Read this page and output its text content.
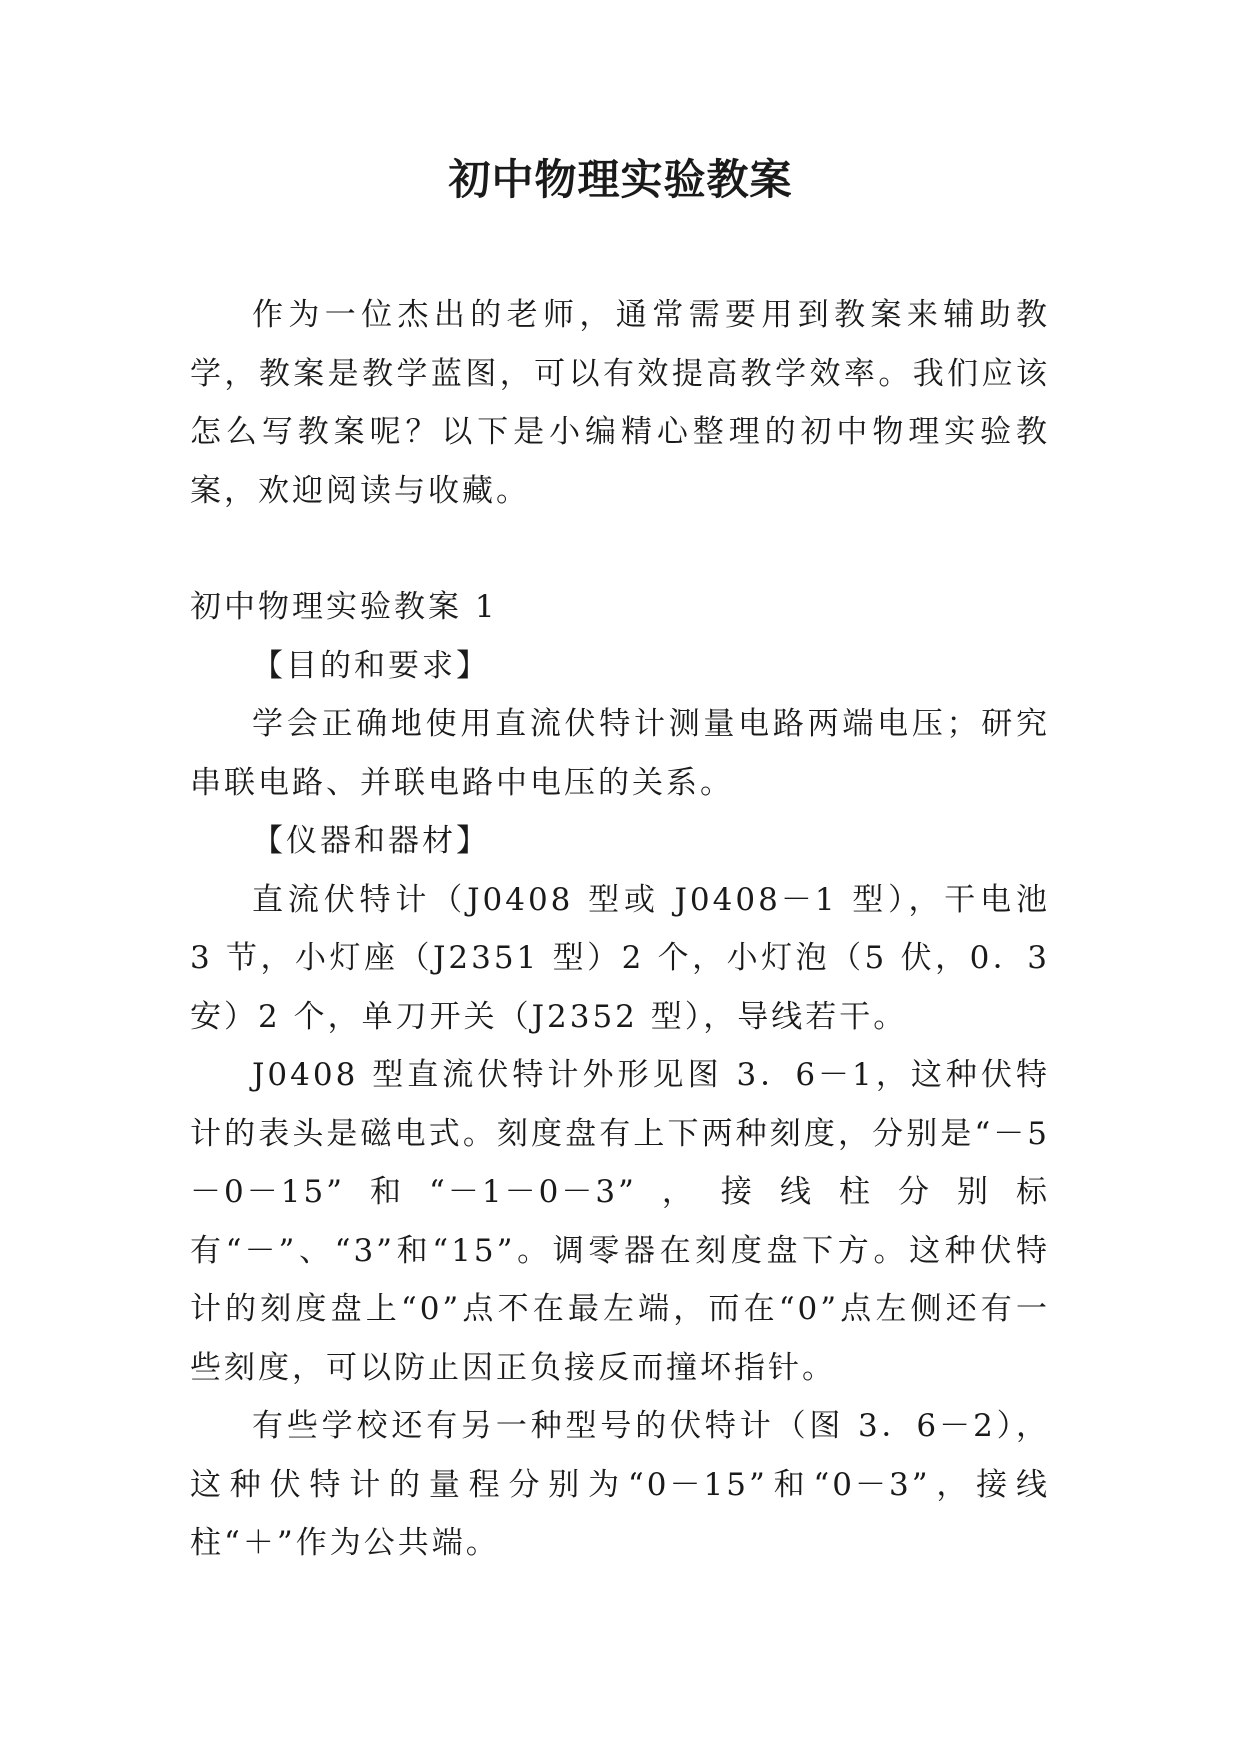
初中物理实验教案

作为一位杰出的老师，通常需要用到教案来辅助教学，教案是教学蓝图，可以有效提高教学效率。我们应该怎么写教案呢？以下是小编精心整理的初中物理实验教案，欢迎阅读与收藏。

初中物理实验教案 1

【目的和要求】

学会正确地使用直流伏特计测量电路两端电压；研究串联电路、并联电路中电压的关系。

【仪器和器材】

直流伏特计（J0408 型或 J0408－1 型），干电池 3 节，小灯座（J2351 型）2 个，小灯泡（5 伏，0．3 安）2 个，单刀开关（J2352 型），导线若干。

J0408 型直流伏特计外形见图 3．6－1，这种伏特计的表头是磁电式。刻度盘有上下两种刻度，分别是“－5－0－15”和“－1－0－3”，接线柱分别标有“－”、“3”和“15”。调零器在刻度盘下方。这种伏特计的刻度盘上“0”点不在最左端，而在“0”点左侧还有一些刻度，可以防止因正负接反而撞坏指针。

有些学校还有另一种型号的伏特计（图 3．6－2），这种伏特计的量程分别为“0－15”和“0－3”，接线柱“＋”作为公共端。
